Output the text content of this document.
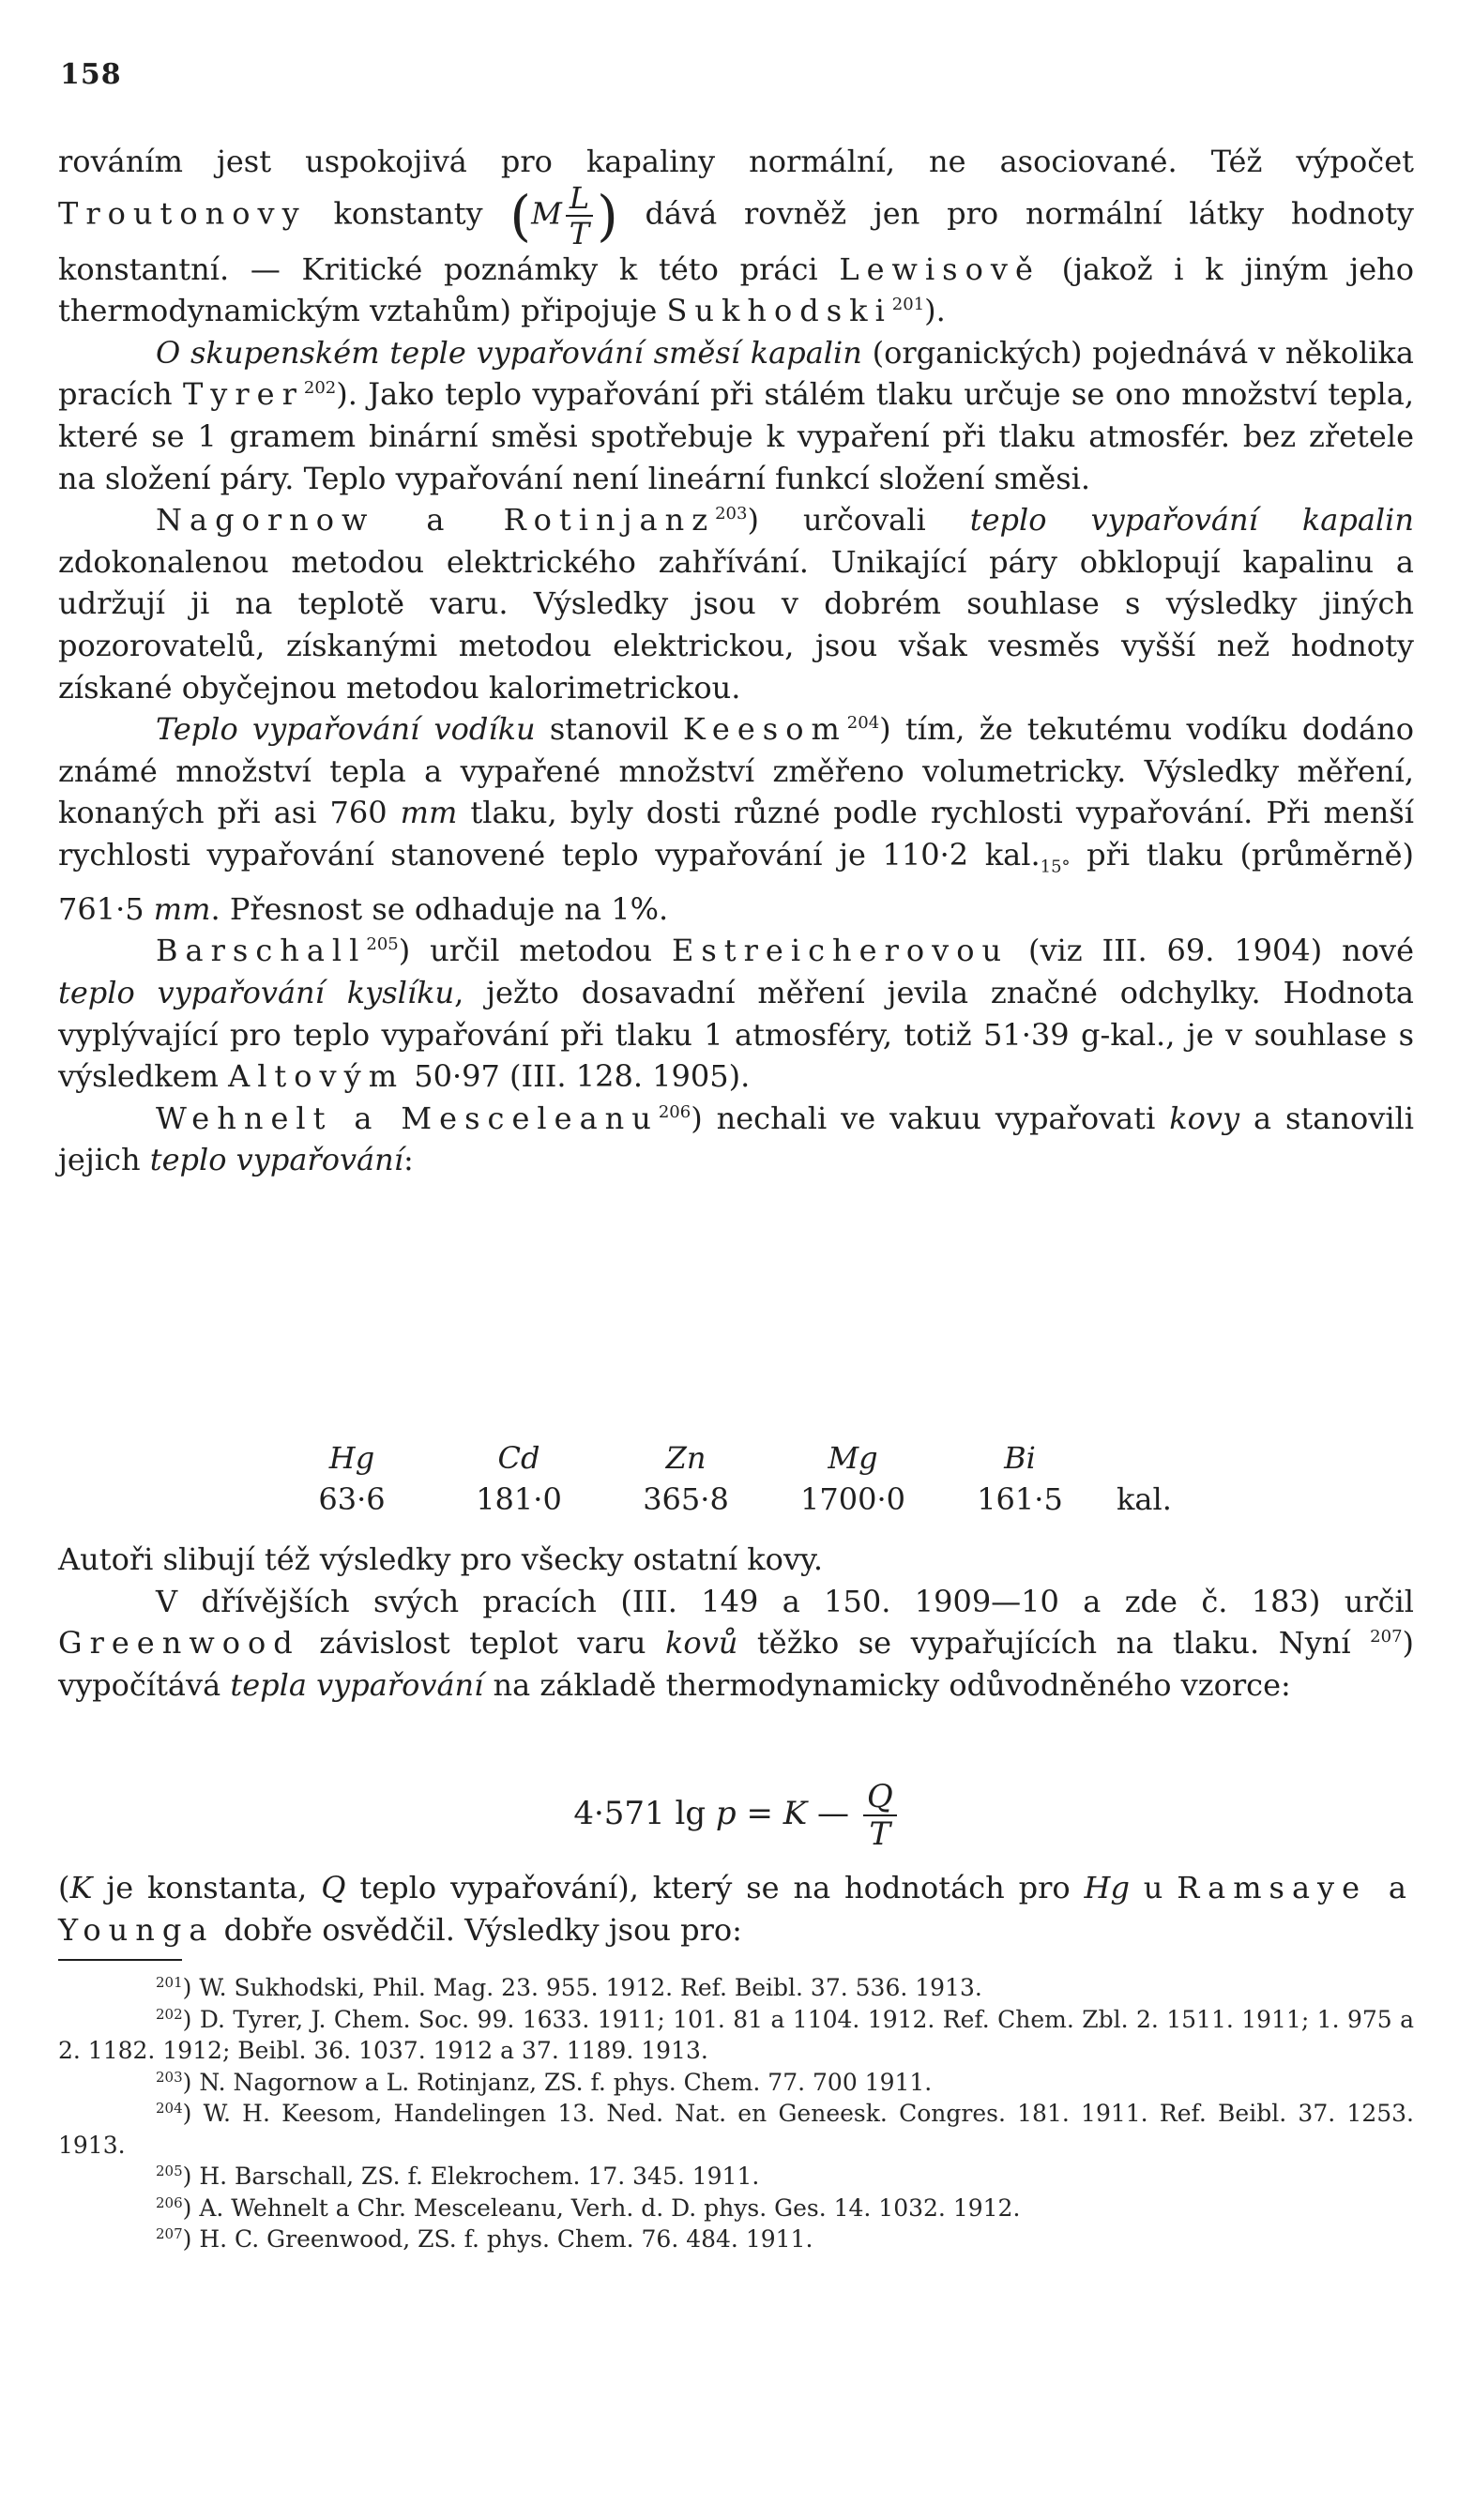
158

rováním jest uspokojivá pro kapaliny normální, ne asociované. Též výpočet Troutonovy konstanty ($M \frac{L}{T}$ ) dává rovněž jen pro normální látky hodnoty konstantní. — Kritické poznámky k této práci Lewisově (jakož i k jiným jeho thermodynamickým vztahům) připojuje Sukhodski$^{201}$).

O skupenském teple vypařování směsí kapalin (organických) pojednává v několika pracích Tyrer$^{202}$). Jako teplo vypařování při stálém tlaku určuje se ono množství tepla, které se 1 gramem binární směsi spotřebuje k vypaření při tlaku atmosfér. bez zřetele na složení páry. Teplo vypařování není lineární funkcí složení směsi.

Nagornow a Rotinjanz$^{203}$) určovali teplo vypařování kapalin zdokonalenou metodou elektrického zahřívání. Unikající páry obklopují kapalinu a udržují ji na teplotě varu. Výsledky jsou v dobrém souhlase s výsledky jiných pozorovatelů, získanými metodou elektrickou, jsou však vesměs vyšší než hodnoty získané obyčejnou metodou kalorimetrickou.

Teplo vypařování vodíku stanovil Keesom$^{204}$) tím, že tekutému vodíku dodáno známé množství tepla a vypařené množství změřeno volumetricky. Výsledky měření, konaných při asi 760 mm tlaku, byly dosti různé podle rychlosti vypařování. Při menší rychlosti vypařování stanovené teplo vypařování je 110·2 $kal._{15^\circ}$ při tlaku (průměrně) 761·5 mm. Přesnost se odhaduje na 1%.

Barschall$^{205}$) určil metodou Estreicherovou (viz III. 69. 1904) nové teplo vypařování kyslíku, ježto dosavadní měření jevila značné odchylky. Hodnota vyplývající pro teplo vypařování při tlaku 1 atmosféry, totiž 51·39 g-kal., je v souhlase s výsledkem Altovým 50·97 (III. 128. 1905).

Wehnelt a Mesceleanu$^{206}$) nechali ve vakuu vypařovati kovy a stanovili jejich teplo vypařování:

Hg	Cd	Zn	Mg	Bi	
63·6	181·0	365·8	1700·0	161·5	kal.

Autoři slibují též výsledky pro všecky ostatní kovy.

V dřívějších svých pracích (III. 149 a 150. 1909—10 a zde č. 183) určil Greenwood závislost teplot varu kovů těžko se vypařujících na tlaku. Nyní $^{207}$) vypočítává tepla vypařování na základě thermodynamicky odůvodněného vzorce:

4·571 lg p = K — $\frac{Q}{T}$

(K je konstanta, Q teplo vypařování), který se na hodnotách pro Hg u Ramsaye a Younga dobře osvědčil. Výsledky jsou pro:

$^{201}$) W. Sukhodski, Phil. Mag. 23. 955. 1912. Ref. Beibl. 37. 536. 1913.

$^{202}$) D. Tyrer, J. Chem. Soc. 99. 1633. 1911; 101. 81 a 1104. 1912. Ref. Chem. Zbl. 2. 1511. 1911; 1. 975 a 2. 1182. 1912; Beibl. 36. 1037. 1912 a 37. 1189. 1913.

$^{203}$) N. Nagornow a L. Rotinjanz, ZS. f. phys. Chem. 77. 700 1911.

$^{204}$) W. H. Keesom, Handelingen 13. Ned. Nat. en Geneesk. Congres. 181. 1911. Ref. Beibl. 37. 1253. 1913.

$^{205}$) H. Barschall, ZS. f. Elekrochem. 17. 345. 1911.

$^{206}$) A. Wehnelt a Chr. Mesceleanu, Verh. d. D. phys. Ges. 14. 1032. 1912.

$^{207}$) H. C. Greenwood, ZS. f. phys. Chem. 76. 484. 1911.
